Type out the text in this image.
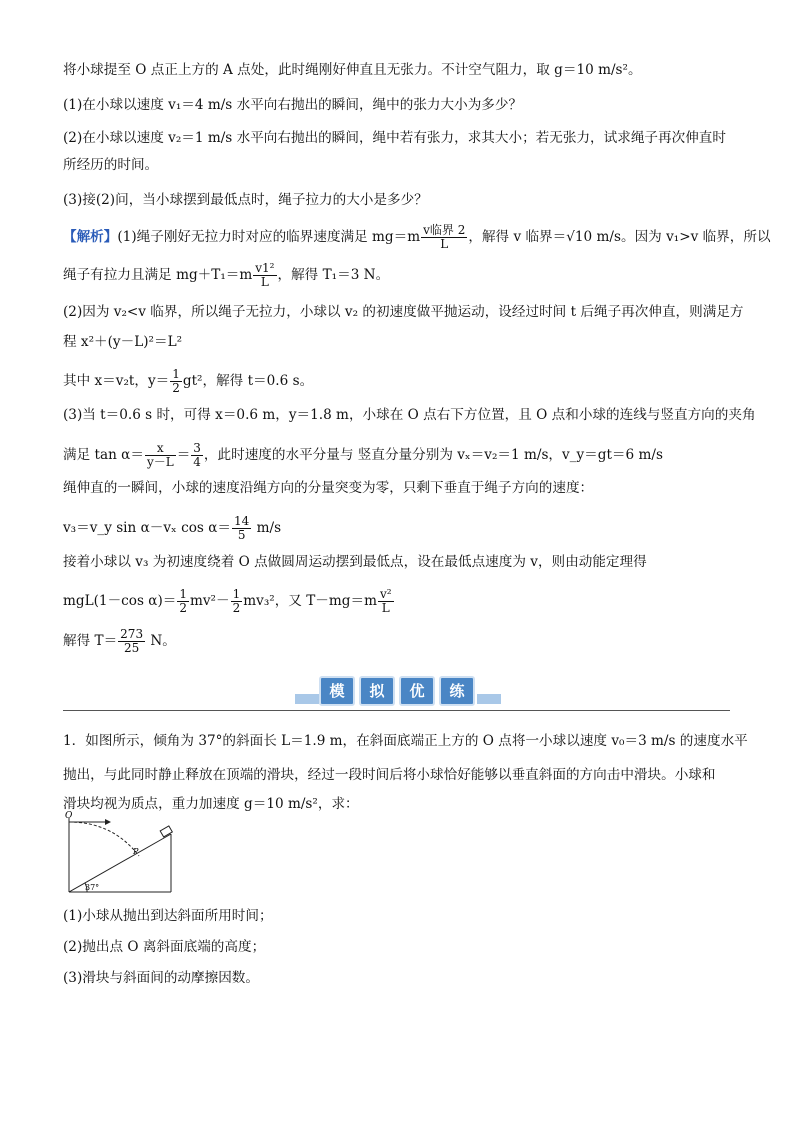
将小球提至 O 点正上方的 A 点处，此时绳刚好伸直且无张力。不计空气阻力，取 g＝10 m/s²。
(1)在小球以速度 v₁＝4 m/s 水平向右抛出的瞬间，绳中的张力大小为多少？
(2)在小球以速度 v₂＝1 m/s 水平向右抛出的瞬间，绳中若有张力，求其大小；若无张力，试求绳子再次伸直时
所经历的时间。
(3)接(2)问，当小球摆到最低点时，绳子拉力的大小是多少？
【解析】(1)绳子刚好无拉力时对应的临界速度满足 $mg=m \frac{\text{v临界 2}}{L}$ ，解得 v 临界＝√10 m/s。因为 v₁>v 临界，所以
绳子有拉力且满足 $mg+T_1=m \frac{\text{v1²}}{L}$ ，解得 T₁＝3 N。
(2)因为 v₂<v 临界，所以绳子无拉力，小球以 v₂ 的初速度做平抛运动，设经过时间 t 后绳子再次伸直，则满足方
程 x²＋(y－L)²＝L²
其中 x＝v₂t，$y= \frac{1}{2} gt^2$，解得 t＝0.6 s。
(3)当 t＝0.6 s 时，可得 x＝0.6 m，y＝1.8 m，小球在 O 点右下方位置，且 O 点和小球的连线与竖直方向的夹角
满足 $\tan \alpha= \frac{x}{y-L} = \frac{3}{4}$ ，此时速度的水平分量与 竖直分量分别为 vₓ＝v₂＝1 m/s，v_y＝gt＝6 m/s
绳伸直的一瞬间，小球的速度沿绳方向的分量突变为零，只剩下垂直于绳子方向的速度：
v₃＝v_y sin α－vₓ $\cos \alpha= \frac{14}{5} m/s$
接着小球以 v₃ 为初速度绕着 O 点做圆周运动摆到最低点，设在最低点速度为 v，则由动能定理得
mgL(1－cos $\alpha)= \frac{1}{2} mv^2- \frac{1}{2} mv_3^2$，又 $T-mg=m \frac{\text{v²}}{L}$
解得 $T= \frac{273}{25}$ N。
模	拟	优	练
1．如图所示，倾角为 37°的斜面长 L＝1.9 m，在斜面底端正上方的 O 点将一小球以速度 v₀＝3 m/s 的速度水平
抛出，与此同时静止释放在顶端的滑块，经过一段时间后将小球恰好能够以垂直斜面的方向击中滑块。小球和
滑块均视为质点，重力加速度 g＝10 m/s²，求：
O
P
37°
(1)小球从抛出到达斜面所用时间；
(2)抛出点 O 离斜面底端的高度；
(3)滑块与斜面间的动摩擦因数。
